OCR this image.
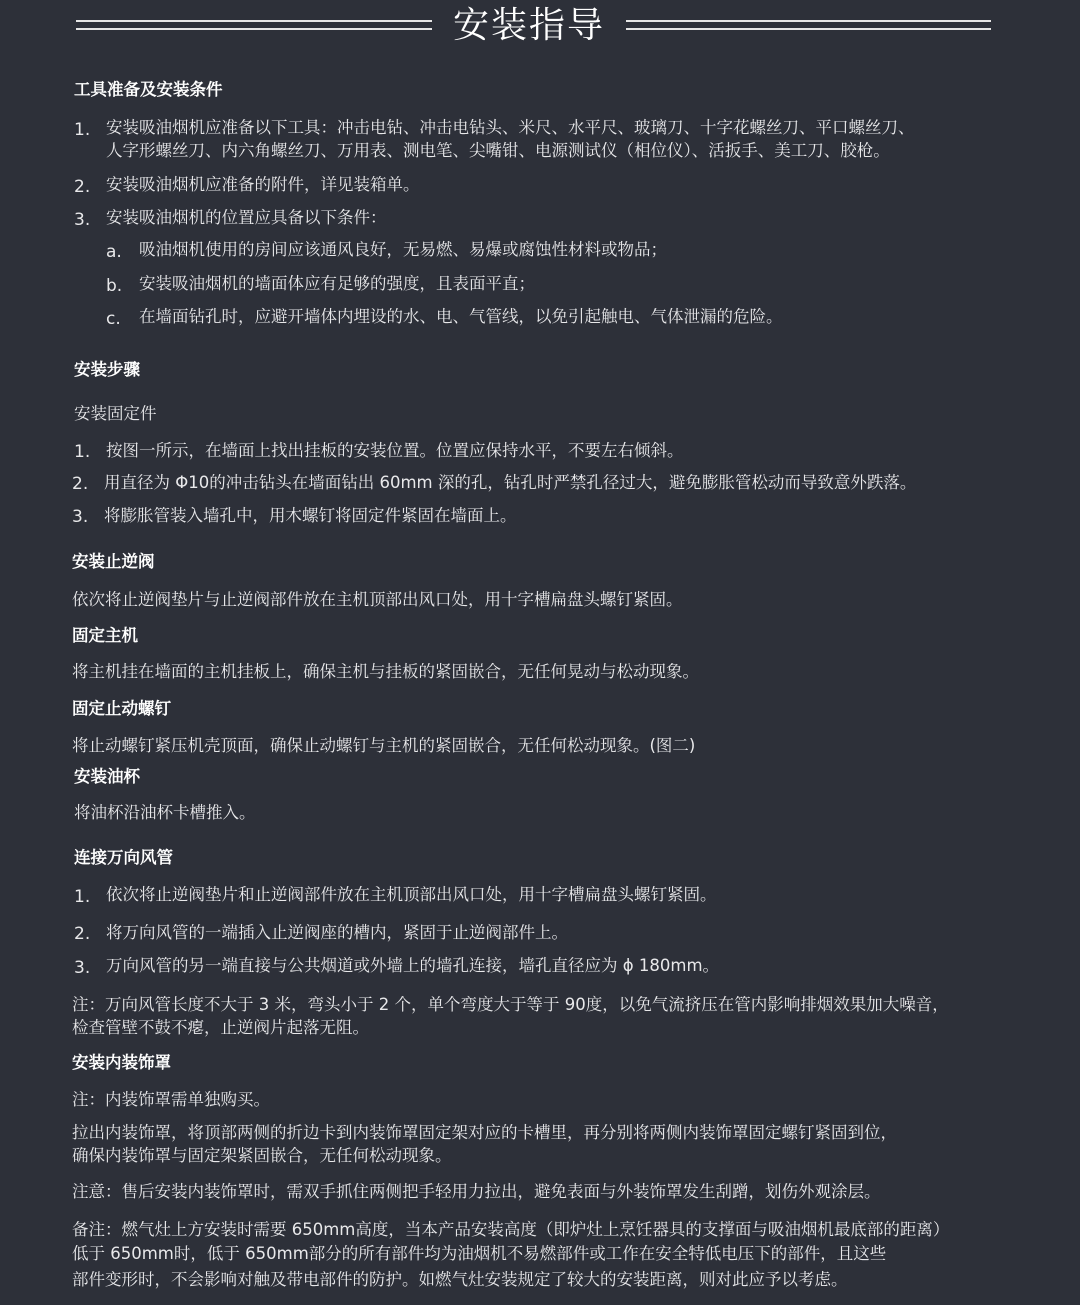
安装指导
工具准备及安装条件
1. 安装吸油烟机应准备以下工具：冲击电钻、冲击电钻头、米尺、水平尺、玻璃刀、十字花螺丝刀、平口螺丝刀、
人字形螺丝刀、内六角螺丝刀、万用表、测电笔、尖嘴钳、电源测试仪（相位仪）、活扳手、美工刀、胶枪。
2. 安装吸油烟机应准备的附件，详见装箱单。
3. 安装吸油烟机的位置应具备以下条件：
a. 吸油烟机使用的房间应该通风良好，无易燃、易爆或腐蚀性材料或物品；
b. 安装吸油烟机的墙面体应有足够的强度，且表面平直；
c. 在墙面钻孔时，应避开墙体内埋设的水、电、气管线，以免引起触电、气体泄漏的危险。
安装步骤
安装固定件
1. 按图一所示，在墙面上找出挂板的安装位置。位置应保持水平，不要左右倾斜。
2. 用直径为 Φ10的冲击钻头在墙面钻出 60mm 深的孔，钻孔时严禁孔径过大，避免膨胀管松动而导致意外跌落。
3. 将膨胀管装入墙孔中，用木螺钉将固定件紧固在墙面上。
安装止逆阀
依次将止逆阀垫片与止逆阀部件放在主机顶部出风口处，用十字槽扁盘头螺钉紧固。
固定主机
将主机挂在墙面的主机挂板上，确保主机与挂板的紧固嵌合，无任何晃动与松动现象。
固定止动螺钉
将止动螺钉紧压机壳顶面，确保止动螺钉与主机的紧固嵌合，无任何松动现象。(图二)
安装油杯
将油杯沿油杯卡槽推入。
连接万向风管
1. 依次将止逆阀垫片和止逆阀部件放在主机顶部出风口处，用十字槽扁盘头螺钉紧固。
2. 将万向风管的一端插入止逆阀座的槽内，紧固于止逆阀部件上。
3. 万向风管的另一端直接与公共烟道或外墙上的墙孔连接，墙孔直径应为 ɸ 180mm。
注：万向风管长度不大于 3 米，弯头小于 2 个，单个弯度大于等于 90度，以免气流挤压在管内影响排烟效果加大噪音，
检查管壁不鼓不瘪，止逆阀片起落无阻。
安装内装饰罩
注：内装饰罩需单独购买。
拉出内装饰罩，将顶部两侧的折边卡到内装饰罩固定架对应的卡槽里，再分别将两侧内装饰罩固定螺钉紧固到位，
确保内装饰罩与固定架紧固嵌合，无任何松动现象。
注意：售后安装内装饰罩时，需双手抓住两侧把手轻用力拉出，避免表面与外装饰罩发生刮蹭，划伤外观涂层。
备注：燃气灶上方安装时需要 650mm高度，当本产品安装高度（即炉灶上烹饪器具的支撑面与吸油烟机最底部的距离）
低于 650mm时，低于 650mm部分的所有部件均为油烟机不易燃部件或工作在安全特低电压下的部件，且这些
部件变形时，不会影响对触及带电部件的防护。如燃气灶安装规定了较大的安装距离，则对此应予以考虑。
